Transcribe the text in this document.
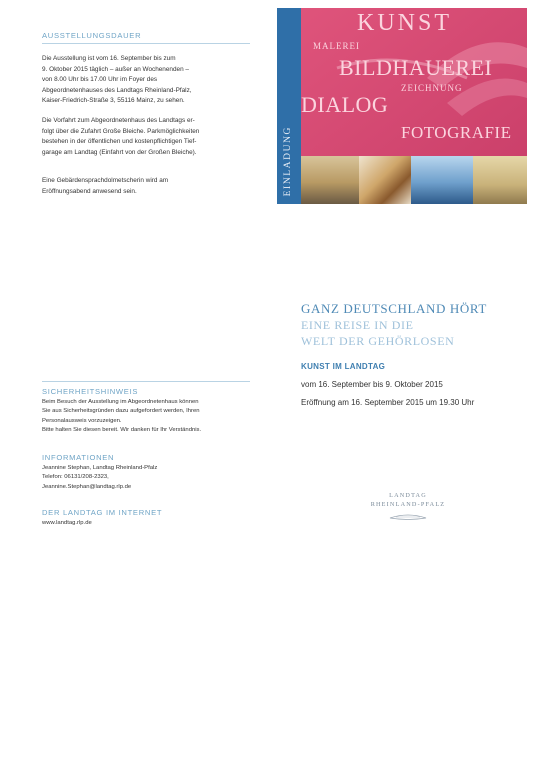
AUSSTELLUNGSDAUER

Die Ausstellung ist vom 16. September bis zum
9. Oktober 2015 täglich – außer an Wochenenden –
von 8.00 Uhr bis 17.00 Uhr im Foyer des
Abgeordnetenhauses des Landtags Rheinland-Pfalz,
Kaiser-Friedrich-Straße 3, 55116 Mainz, zu sehen.

Die Vorfahrt zum Abgeordnetenhaus des Landtags er-
folgt über die Zufahrt Große Bleiche. Parkmöglichkeiten
bestehen in der öffentlichen und kostenpflichtigen Tief-
garage am Landtag (Einfahrt von der Großen Bleiche).

Eine Gebärdensprachdolmetscherin wird am
Eröffnungsabend anwesend sein.

SICHERHEITSHINWEIS
Beim Besuch der Ausstellung im Abgeordnetenhaus können
Sie aus Sicherheitsgründen dazu aufgefordert werden, Ihren
Personalausweis vorzuzeigen.
Bitte halten Sie diesen bereit. Wir danken für Ihr Verständnis.
INFORMATIONEN
Jeannine Stephan, Landtag Rheinland-Pfalz
Telefon: 06131/208-2323,
Jeannine.Stephan@landtag.rlp.de
DER LANDTAG IM INTERNET
www.landtag.rlp.de
EINLADUNG
KUNST
MALEREI
BILDHAUEREI
ZEICHNUNG
DIALOG
FOTOGRAFIE
GANZ DEUTSCHLAND HÖRT
EINE REISE IN DIE
WELT DER GEHÖRLOSEN
KUNST IM LANDTAG
vom 16. September bis 9. Oktober 2015
Eröffnung am 16. September 2015 um 19.30 Uhr
LANDTAG
RHEINLAND-PFALZ
